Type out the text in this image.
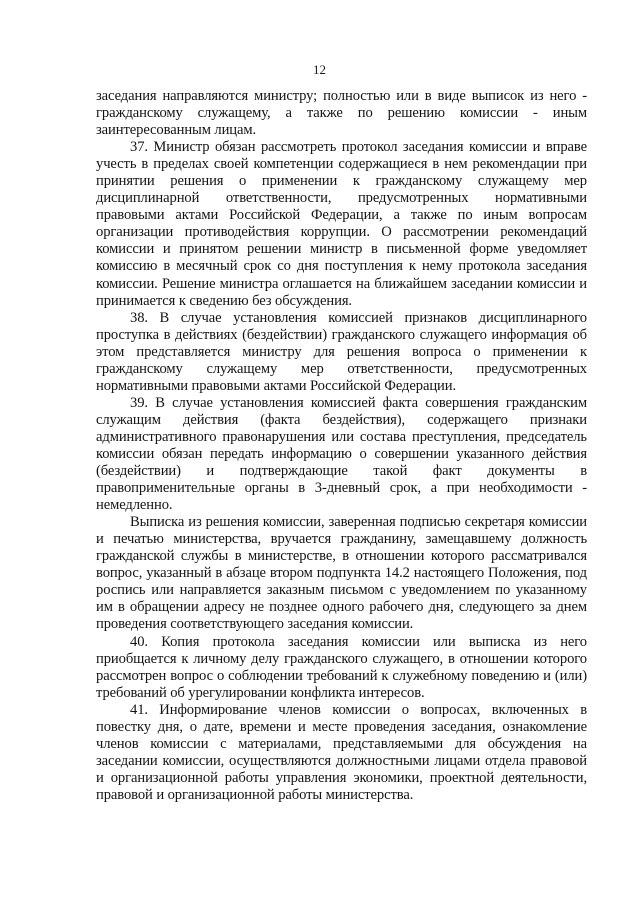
12

заседания направляются министру; полностью или в виде выписок из него - гражданскому служащему, а также по решению комиссии - иным заинтересованным лицам.

37. Министр обязан рассмотреть протокол заседания комиссии и вправе учесть в пределах своей компетенции содержащиеся в нем рекомендации при принятии решения о применении к гражданскому служащему мер дисциплинарной ответственности, предусмотренных нормативными правовыми актами Российской Федерации, а также по иным вопросам организации противодействия коррупции. О рассмотрении рекомендаций комиссии и принятом решении министр в письменной форме уведомляет комиссию в месячный срок со дня поступления к нему протокола заседания комиссии. Решение министра оглашается на ближайшем заседании комиссии и принимается к сведению без обсуждения.

38. В случае установления комиссией признаков дисциплинарного проступка в действиях (бездействии) гражданского служащего информация об этом представляется министру для решения вопроса о применении к гражданскому служащему мер ответственности, предусмотренных нормативными правовыми актами Российской Федерации.

39. В случае установления комиссией факта совершения гражданским служащим действия (факта бездействия), содержащего признаки административного правонарушения или состава преступления, председатель комиссии обязан передать информацию о совершении указанного действия (бездействии) и подтверждающие такой факт документы в правоприменительные органы в 3-дневный срок, а при необходимости - немедленно.

Выписка из решения комиссии, заверенная подписью секретаря комиссии и печатью министерства, вручается гражданину, замещавшему должность гражданской службы в министерстве, в отношении которого рассматривался вопрос, указанный в абзаце втором подпункта 14.2 настоящего Положения, под роспись или направляется заказным письмом с уведомлением по указанному им в обращении адресу не позднее одного рабочего дня, следующего за днем проведения соответствующего заседания комиссии.

40. Копия протокола заседания комиссии или выписка из него приобщается к личному делу гражданского служащего, в отношении которого рассмотрен вопрос о соблюдении требований к служебному поведению и (или) требований об урегулировании конфликта интересов.

41. Информирование членов комиссии о вопросах, включенных в повестку дня, о дате, времени и месте проведения заседания, ознакомление членов комиссии с материалами, представляемыми для обсуждения на заседании комиссии, осуществляются должностными лицами отдела правовой и организационной работы управления экономики, проектной деятельности, правовой и организационной работы министерства.
